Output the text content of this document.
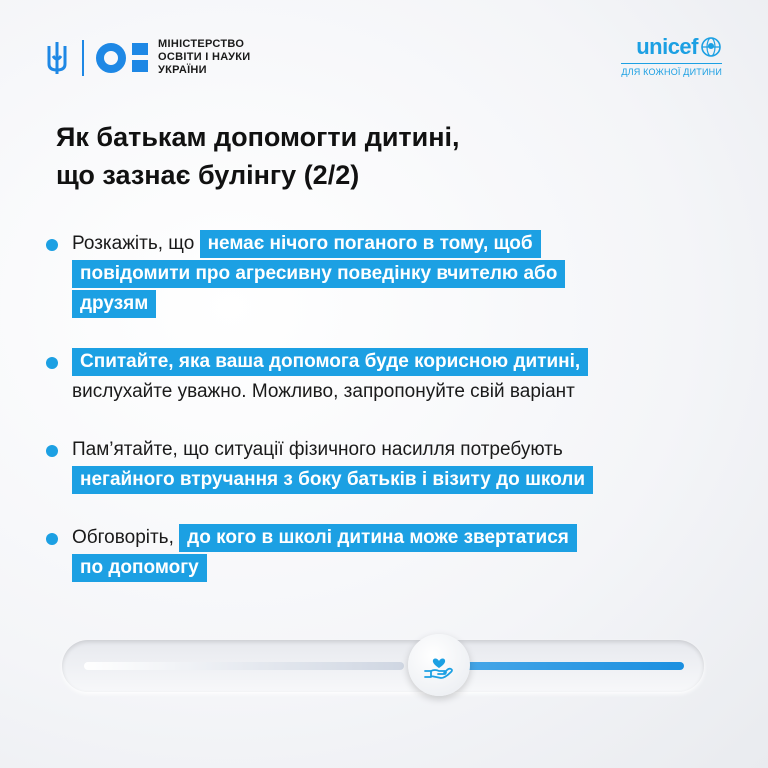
МІНІСТЕРСТВО
ОСВІТИ І НАУКИ
УКРАЇНИ
unicef
ДЛЯ КОЖНОЇ ДИТИНИ
Як батькам допомогти дитині,
що зазнає булінгу (2/2)
Розкажіть, що немає нічого поганого в тому, щоб
повідомити про агресивну поведінку вчителю або
друзям
Спитайте, яка ваша допомога буде корисною дитині,
вислухайте уважно. Можливо, запропонуйте свій варіант
Пам’ятайте, що ситуації фізичного насилля потребують
негайного втручання з боку батьків і візиту до школи
Обговоріть, до кого в школі дитина може звертатися
по допомогу
